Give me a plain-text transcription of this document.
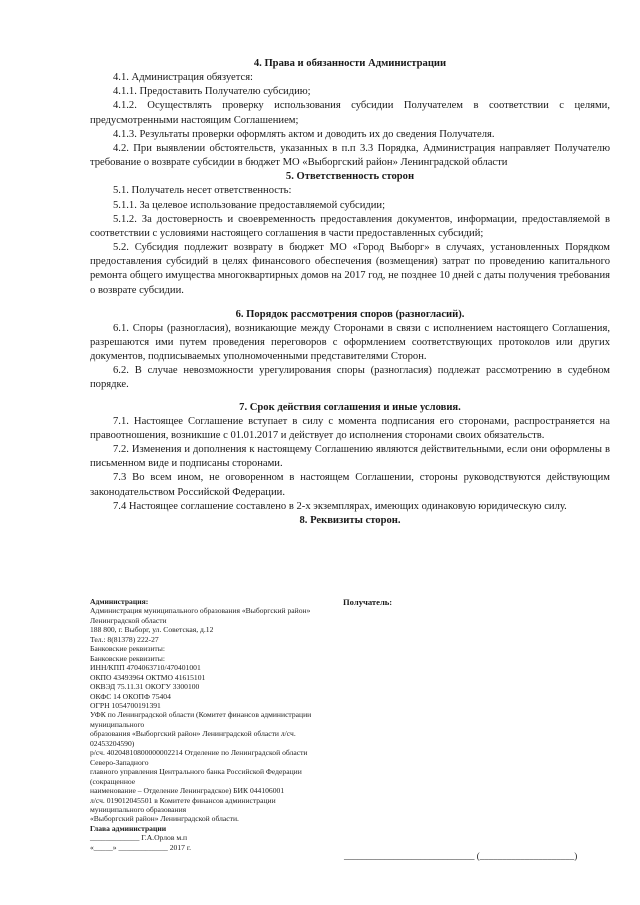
4. Права и обязанности Администрации

4.1. Администрация обязуется:

4.1.1. Предоставить Получателю субсидию;

4.1.2. Осуществлять проверку использования субсидии Получателем в соответствии с целями, предусмотренными настоящим Соглашением;

4.1.3. Результаты проверки оформлять актом и доводить их до сведения Получателя.

4.2. При выявлении обстоятельств, указанных в п.п 3.3 Порядка, Администрация направляет Получателю требование о возврате субсидии в бюджет МО «Выборгский район» Ленинградской области

5. Ответственность сторон

5.1. Получатель несет ответственность:

5.1.1. За целевое использование предоставляемой субсидии;

5.1.2. За достоверность и своевременность предоставления документов, информации, предоставляемой в соответствии с условиями настоящего соглашения в части предоставленных субсидий;

5.2. Субсидия подлежит возврату в бюджет МО «Город Выборг» в случаях, установленных Порядком предоставления субсидий в целях финансового обеспечения (возмещения) затрат по проведению капитального ремонта общего имущества многоквартирных домов на 2017 год, не позднее 10 дней с даты получения требования о возврате субсидии.

6. Порядок рассмотрения споров (разногласий).

6.1. Споры (разногласия), возникающие между Сторонами в связи с исполнением настоящего Соглашения, разрешаются ими путем проведения переговоров с оформлением соответствующих протоколов или других документов, подписываемых уполномоченными представителями Сторон.

6.2. В случае невозможности урегулирования споры (разногласия) подлежат рассмотрению в судебном порядке.

7. Срок действия соглашения и иные условия.

7.1. Настоящее Соглашение вступает в силу с момента подписания его сторонами, распространяется на правоотношения, возникшие с 01.01.2017 и действует до исполнения сторонами своих обязательств.

7.2. Изменения и дополнения к настоящему Соглашению являются действительными, если они оформлены в письменном виде и подписаны сторонами.

7.3 Во всем ином, не оговоренном в настоящем Соглашении, стороны руководствуются действующим законодательством Российской Федерации.

7.4 Настоящее соглашение составлено в 2-х экземплярах, имеющих одинаковую юридическую силу.

8. Реквизиты сторон.

Администрация:
Администрация муниципального образования «Выборгский район»
Ленинградской области
188 800, г. Выборг, ул. Советская, д.12
Тел.: 8(81378) 222-27
Банковские реквизиты:
Банковские реквизиты:
ИНН/КПП 4704063710/470401001
ОКПО 43493964 ОКТМО 41615101
ОКВЭД 75.11.31 ОКОГУ 3300100
ОКФС 14 ОКОПФ 75404
ОГРН 1054700191391
УФК по Ленинградской области (Комитет финансов администрации
муниципального
образования «Выборгский район» Ленинградской области л/сч.
02453204590)
р/сч. 40204810800000002214 Отделение по Ленинградской области
Северо-Западного
главного управления Центрального банка Российской Федерации
(сокращенное
наименование – Отделение Ленинградское) БИК 044106001
л/сч. 019012045501 в Комитете финансов администрации
муниципального образования
«Выборгский район» Ленинградской области.
Глава администрации
_____________ Г.А.Орлов м.п
«_____» _____________ 2017 г.
Получатель:
_____________________________ (_____________________)
